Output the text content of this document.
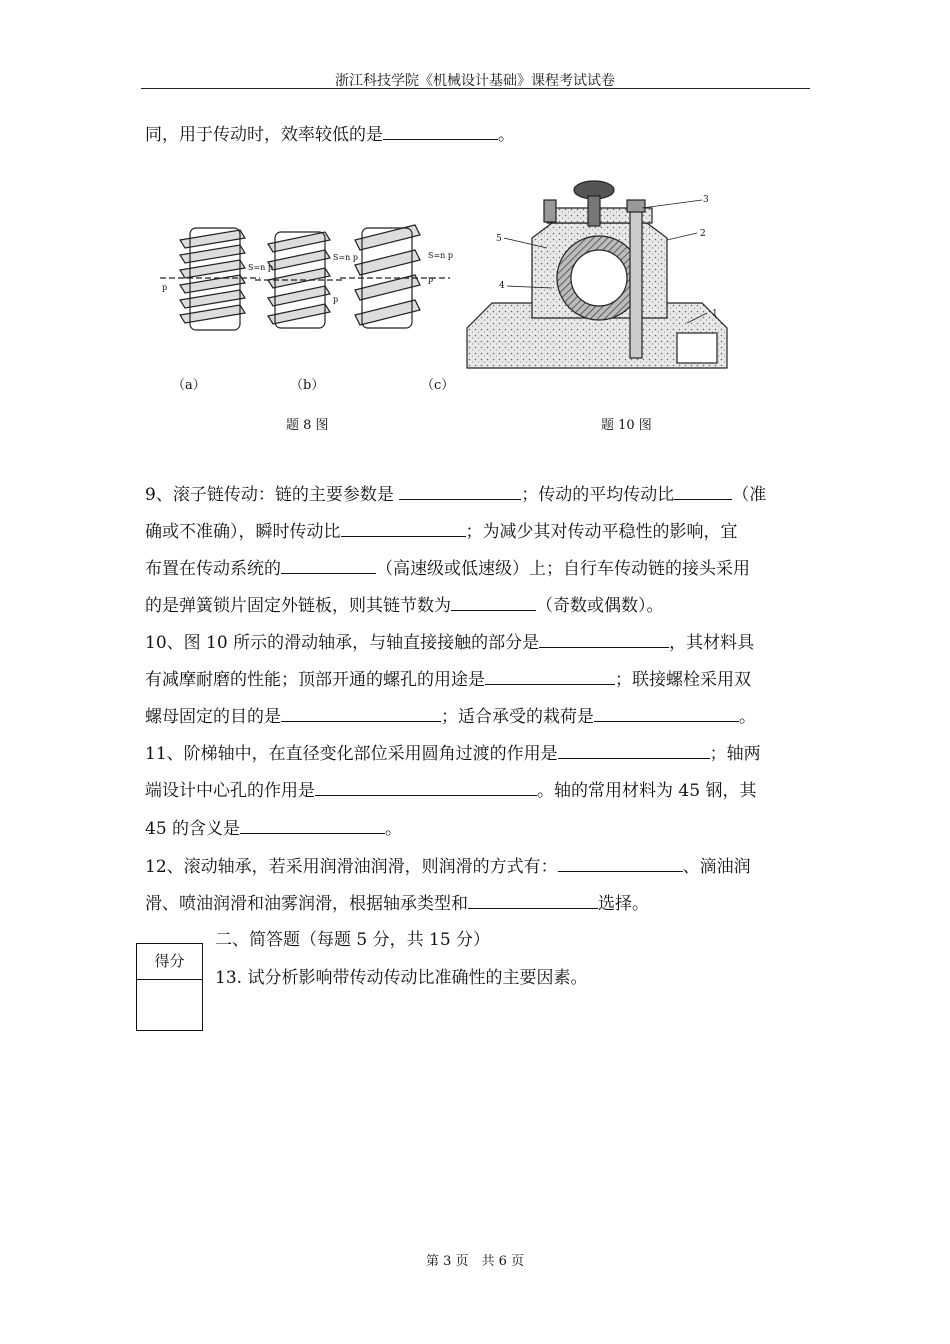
浙江科技学院《机械设计基础》课程考试试卷
同，用于传动时，效率较低的是	。
S=n p
p
S=n p
p
S=n p
p
（a）	（b）	（c）
题 8 图
1
2
3
4
5
题 10 图
9、滚子链传动：链的主要参数是	；传动的平均传动比	（准
确或不准确），瞬时传动比	；为减少其对传动平稳性的影响，宜
布置在传动系统的	（高速级或低速级）上；自行车传动链的接头采用
的是弹簧锁片固定外链板，则其链节数为	（奇数或偶数）。
10、图 10 所示的滑动轴承，与轴直接接触的部分是	，其材料具
有减摩耐磨的性能；顶部开通的螺孔的用途是	；联接螺栓采用双
螺母固定的目的是	；适合承受的栽荷是	。
11、阶梯轴中，在直径变化部位采用圆角过渡的作用是	；轴两
端设计中心孔的作用是	。轴的常用材料为 45 钢，其
45 的含义是	。
12、滚动轴承，若采用润滑油润滑，则润滑的方式有：	、滴油润
滑、喷油润滑和油雾润滑，根据轴承类型和	选择。
得分
二、简答题（每题 5 分，共 15 分）
13. 试分析影响带传动传动比准确性的主要因素。
第 3 页　共 6 页
